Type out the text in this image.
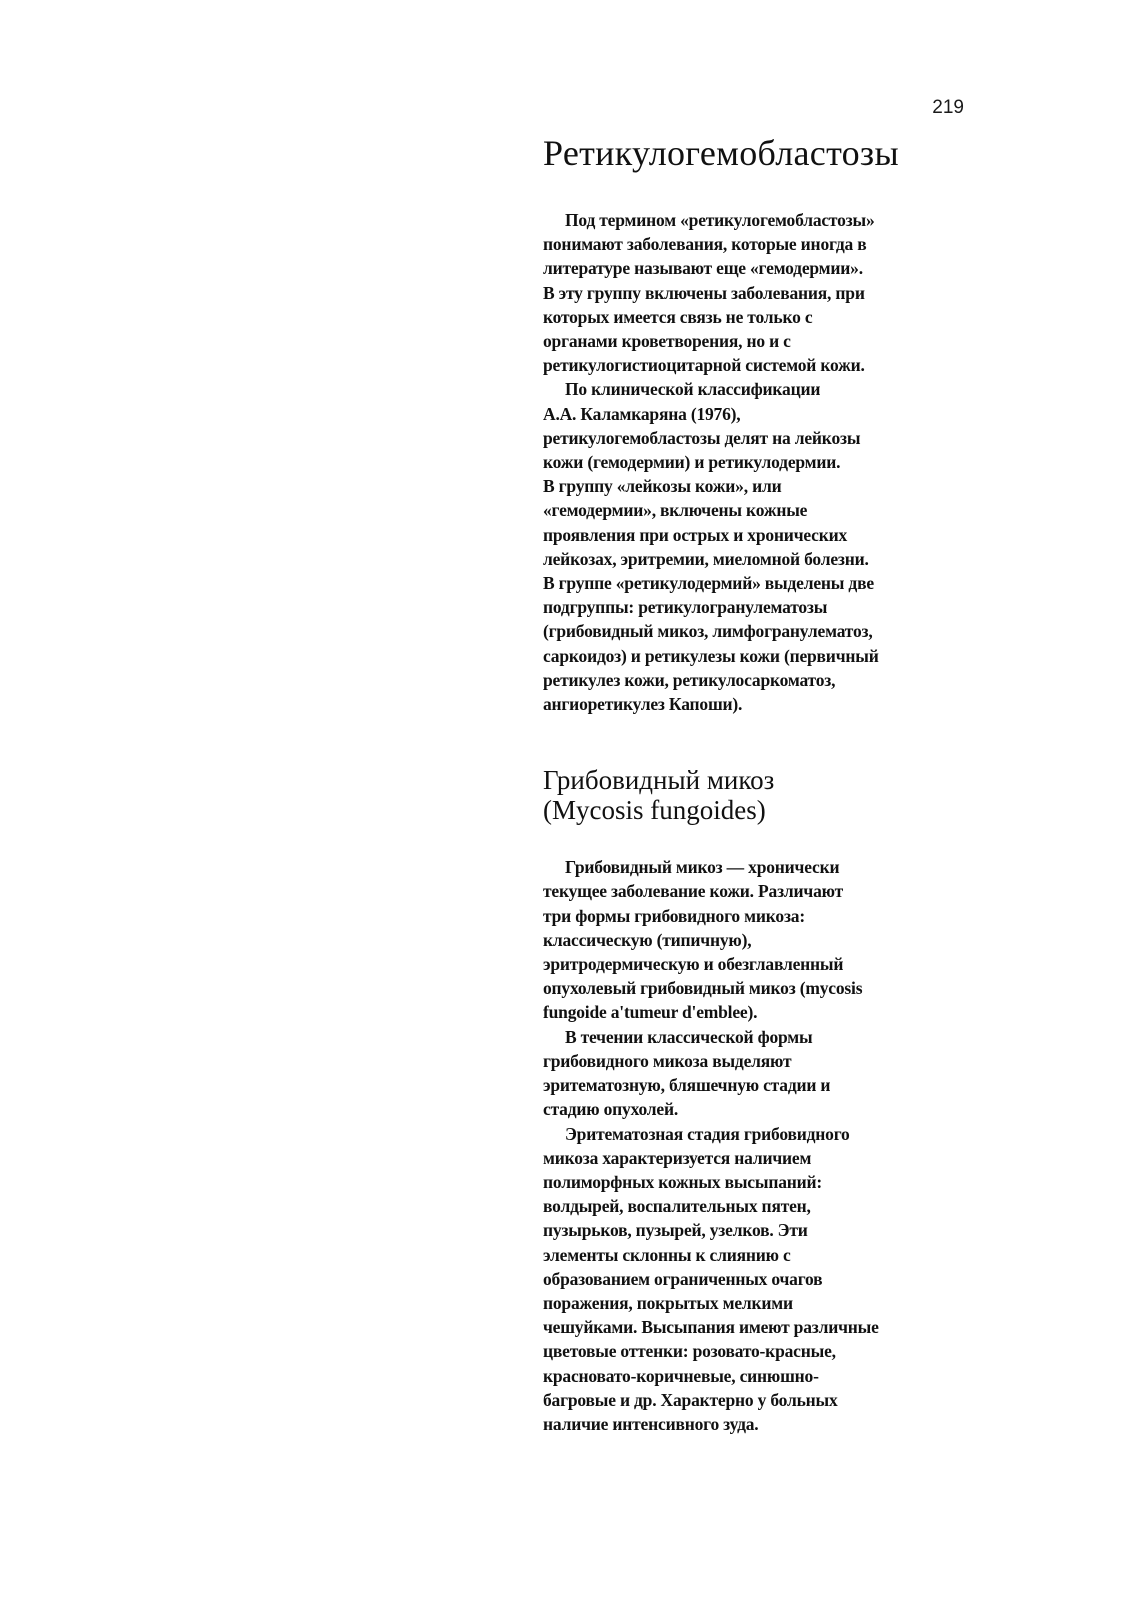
219
Ретикулогемобластозы
Под термином «ретикулогемобластозы»
понимают заболевания, которые иногда в
литературе называют еще «гемодермии».
В эту группу включены заболевания, при
которых имеется связь не только с
органами кроветворения, но и с
ретикулогистиоцитарной системой кожи.
По клинической классификации
А.А. Каламкаряна (1976),
ретикулогемобластозы делят на лейкозы
кожи (гемодермии) и ретикулодермии.
В группу «лейкозы кожи», или
«гемодермии», включены кожные
проявления при острых и хронических
лейкозах, эритремии, миеломной болезни.
В группе «ретикулодермий» выделены две
подгруппы: ретикулогранулематозы
(грибовидный микоз, лимфогранулематоз,
саркоидоз) и ретикулезы кожи (первичный
ретикулез кожи, ретикулосаркоматоз,
ангиоретикулез Капоши).
Грибовидный микоз
(Mycosis fungoides)
Грибовидный микоз — хронически
текущее заболевание кожи. Различают
три формы грибовидного микоза:
классическую (типичную),
эритродермическую и обезглавленный
опухолевый грибовидный микоз (mycosis
fungoide a'tumeur d'emblee).
В течении классической формы
грибовидного микоза выделяют
эритематозную, бляшечную стадии и
стадию опухолей.
Эритематозная стадия грибовидного
микоза характеризуется наличием
полиморфных кожных высыпаний:
волдырей, воспалительных пятен,
пузырьков, пузырей, узелков. Эти
элементы склонны к слиянию с
образованием ограниченных очагов
поражения, покрытых мелкими
чешуйками. Высыпания имеют различные
цветовые оттенки: розовато-красные,
красновато-коричневые, синюшно-
багровые и др. Характерно у больных
наличие интенсивного зуда.
